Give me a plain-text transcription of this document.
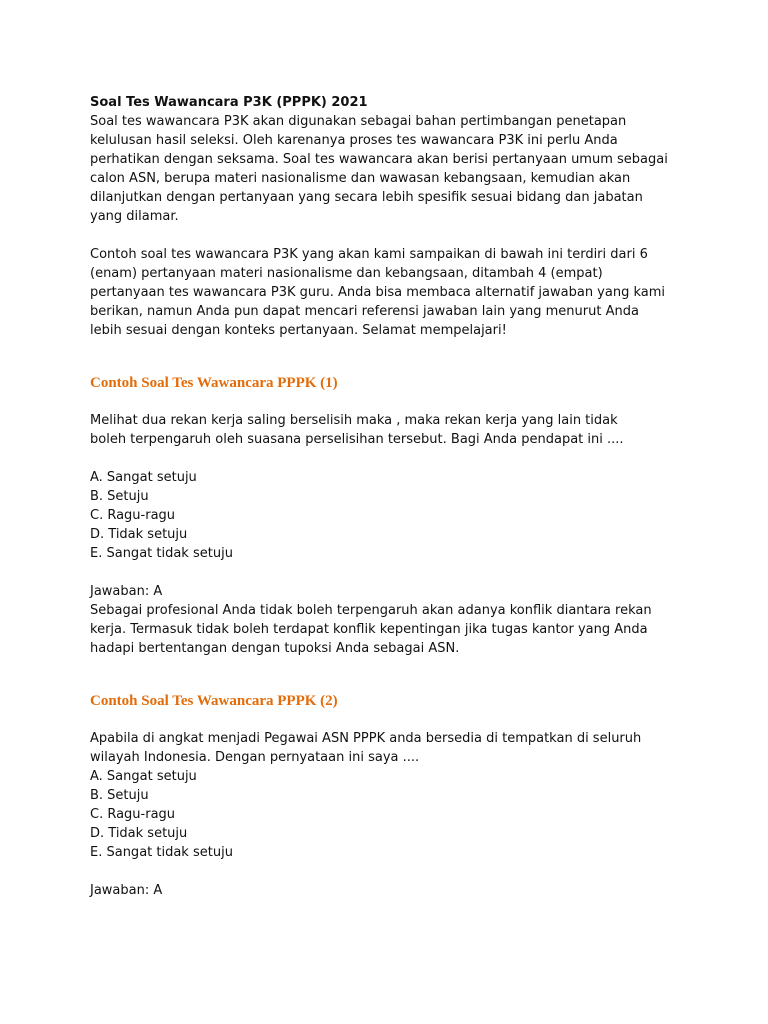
Soal Tes Wawancara P3K (PPPK) 2021

Soal tes wawancara P3K akan digunakan sebagai bahan pertimbangan penetapan kelulusan hasil seleksi. Oleh karenanya proses tes wawancara P3K ini perlu Anda perhatikan dengan seksama. Soal tes wawancara akan berisi pertanyaan umum sebagai calon ASN, berupa materi nasionalisme dan wawasan kebangsaan, kemudian akan dilanjutkan dengan pertanyaan yang secara lebih spesifik sesuai bidang dan jabatan yang dilamar.

Contoh soal tes wawancara P3K yang akan kami sampaikan di bawah ini terdiri dari 6 (enam) pertanyaan materi nasionalisme dan kebangsaan, ditambah 4 (empat) pertanyaan tes wawancara P3K guru. Anda bisa membaca alternatif jawaban yang kami berikan, namun Anda pun dapat mencari referensi jawaban lain yang menurut Anda lebih sesuai dengan konteks pertanyaan. Selamat mempelajari!

Contoh Soal Tes Wawancara PPPK (1)

Melihat dua rekan kerja saling berselisih maka , maka rekan kerja yang lain tidak boleh terpengaruh oleh suasana perselisihan tersebut. Bagi Anda pendapat ini ....

A. Sangat setuju
B. Setuju
C. Ragu-ragu
D. Tidak setuju
E. Sangat tidak setuju

Jawaban: A

Sebagai profesional Anda tidak boleh terpengaruh akan adanya konflik diantara rekan kerja. Termasuk tidak boleh terdapat konflik kepentingan jika tugas kantor yang Anda hadapi bertentangan dengan tupoksi Anda sebagai ASN.

Contoh Soal Tes Wawancara PPPK (2)

Apabila di angkat menjadi Pegawai ASN PPPK anda bersedia di tempatkan di seluruh wilayah Indonesia. Dengan pernyataan ini saya ....

A. Sangat setuju
B. Setuju
C. Ragu-ragu
D. Tidak setuju
E. Sangat tidak setuju

Jawaban: A
